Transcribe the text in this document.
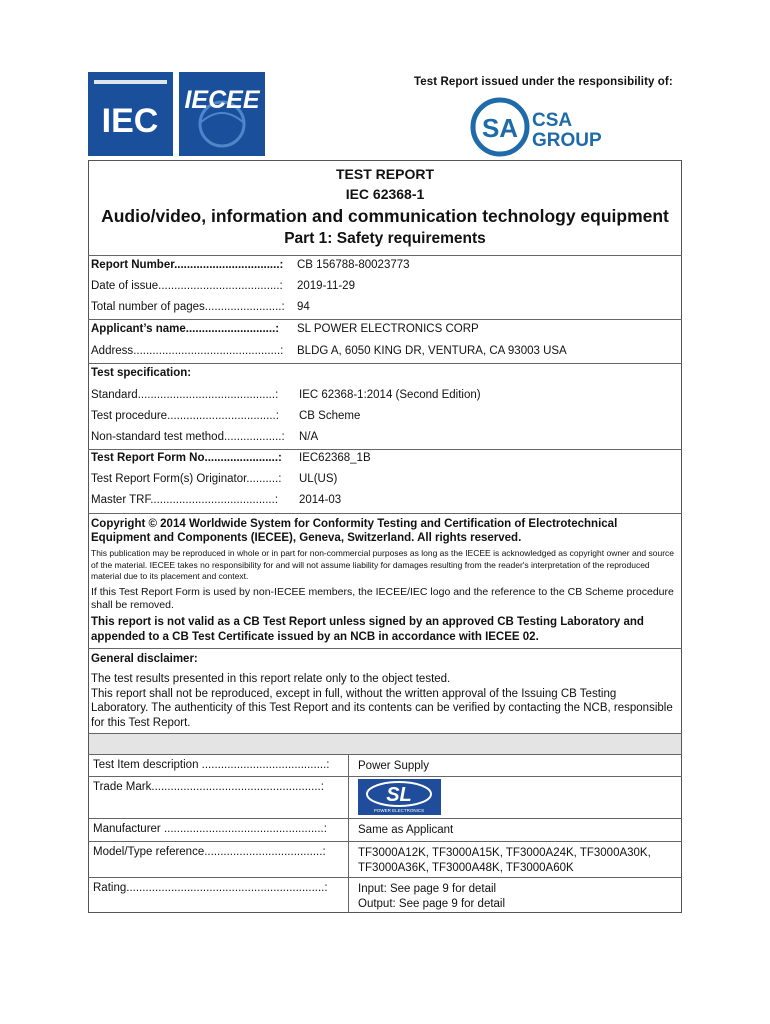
Test Report issued under the responsibility of:
IEC
IECEE
SA CSA
GROUP
TEST REPORT
IEC 62368-1
Audio/video, information and communication technology equipment
Part 1: Safety requirements
Report Number.................................: CB 156788-80023773
Date of issue......................................: 2019-11-29
Total number of pages........................: 94
Applicant’s name............................: SL POWER ELECTRONICS CORP
Address..............................................: BLDG A, 6050 KING DR, VENTURA, CA 93003 USA
Test specification:
Standard...........................................: IEC 62368-1:2014 (Second Edition)
Test procedure..................................: CB Scheme
Non-standard test method..................: N/A
Test Report Form No.......................: IEC62368_1B
Test Report Form(s) Originator..........: UL(US)
Master TRF.......................................: 2014-03
Copyright © 2014 Worldwide System for Conformity Testing and Certification of Electrotechnical Equipment and Components (IECEE), Geneva, Switzerland. All rights reserved.
This publication may be reproduced in whole or in part for non-commercial purposes as long as the IECEE is acknowledged as copyright owner and source of the material. IECEE takes no responsibility for and will not assume liability for damages resulting from the reader's interpretation of the reproduced material due to its placement and context.
If this Test Report Form is used by non-IECEE members, the IECEE/IEC logo and the reference to the CB Scheme procedure shall be removed.
This report is not valid as a CB Test Report unless signed by an approved CB Testing Laboratory and appended to a CB Test Certificate issued by an NCB in accordance with IECEE 02.
General disclaimer:
The test results presented in this report relate only to the object tested.
This report shall not be reproduced, except in full, without the written approval of the Issuing CB Testing Laboratory. The authenticity of this Test Report and its contents can be verified by contacting the NCB, responsible for this Test Report.
Test Item description .......................................: Power Supply
Trade Mark.....................................................:	SL
POWER ELECTRONICS
Manufacturer ..................................................:	Same as Applicant
Model/Type reference.....................................:	TF3000A12K, TF3000A15K, TF3000A24K, TF3000A30K,
TF3000A36K, TF3000A48K, TF3000A60K
Rating..............................................................:	Input: See page 9 for detail
Output: See page 9 for detail
